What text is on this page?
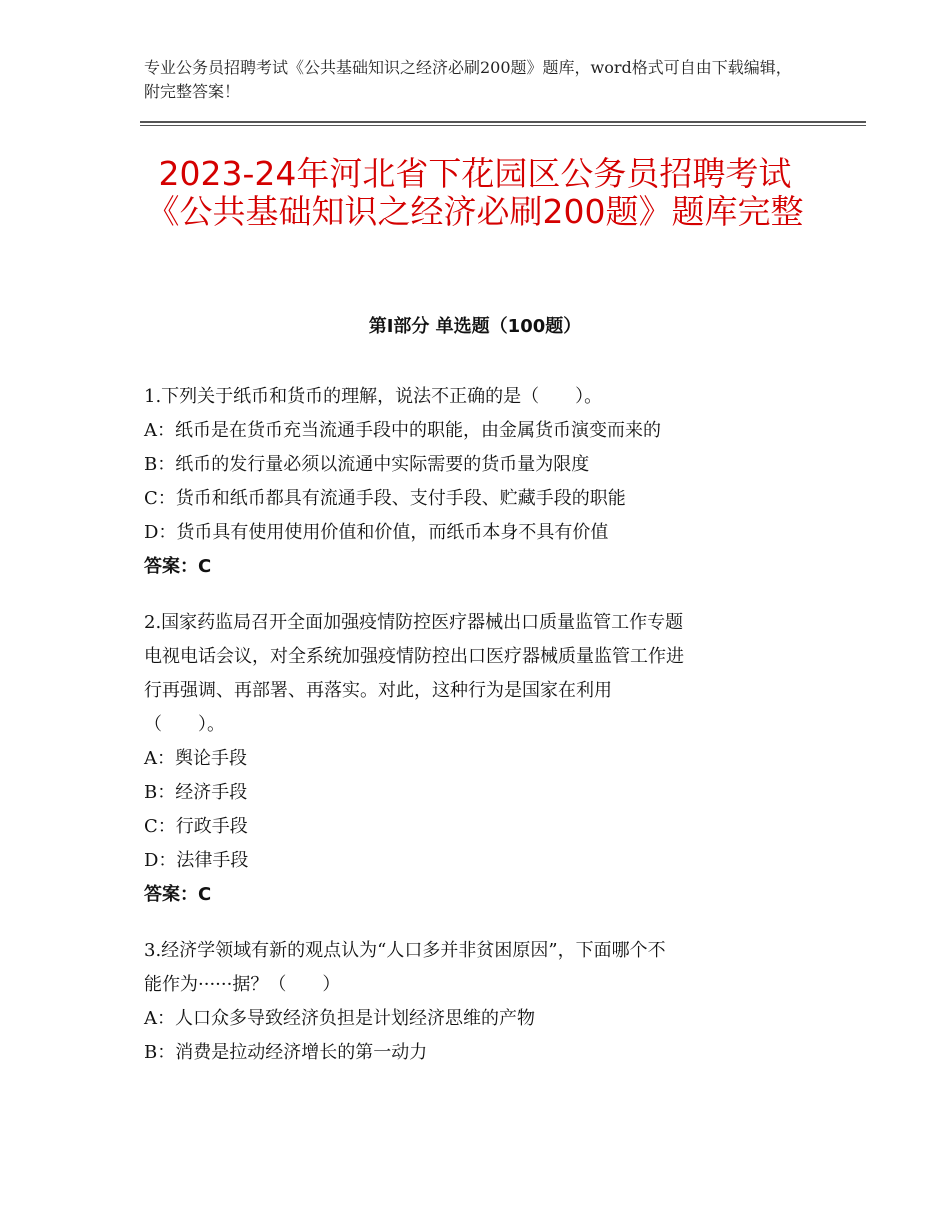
专业公务员招聘考试《公共基础知识之经济必刷200题》题库，word格式可自由下载编辑，附完整答案！
2023-24年河北省下花园区公务员招聘考试《公共基础知识之经济必刷200题》题库完整
第Ⅰ部分 单选题（100题）
1.下列关于纸币和货币的理解，说法不正确的是（　　）。
A：纸币是在货币充当流通手段中的职能，由金属货币演变而来的
B：纸币的发行量必须以流通中实际需要的货币量为限度
C：货币和纸币都具有流通手段、支付手段、贮藏手段的职能
D：货币具有使用使用价值和价值，而纸币本身不具有价值
答案：C
2.国家药监局召开全面加强疫情防控医疗器械出口质量监管工作专题
电视电话会议，对全系统加强疫情防控出口医疗器械质量监管工作进
行再强调、再部署、再落实。对此，这种行为是国家在利用
（　　）。
A：舆论手段
B：经济手段
C：行政手段
D：法律手段
答案：C
3.经济学领域有新的观点认为“人口多并非贫困原因”，下面哪个不
能作为······据？（　　）
A：人口众多导致经济负担是计划经济思维的产物
B：消费是拉动经济增长的第一动力
